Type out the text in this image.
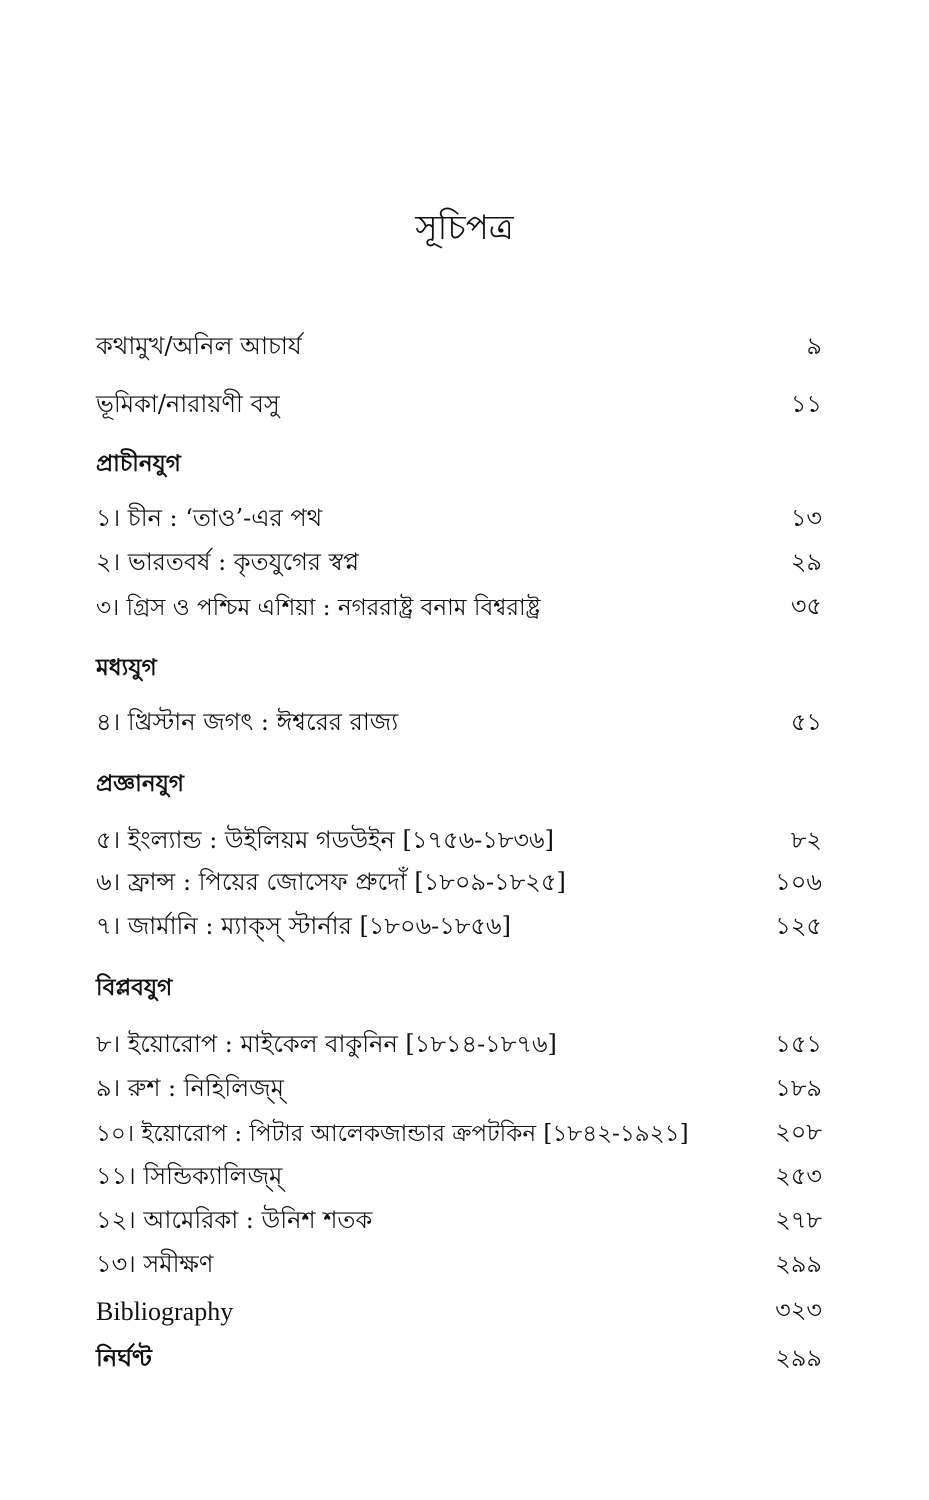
সূচিপত্র
কথামুখ/অনিল আচার্য	৯
ভূমিকা/নারায়ণী বসু	১১
প্রাচীনযুগ
১। চীন : ‘তাও’-এর পথ	১৩
২। ভারতবর্ষ : কৃতযুগের স্বপ্ন	২৯
৩। গ্রিস ও পশ্চিম এশিয়া : নগররাষ্ট্র বনাম বিশ্বরাষ্ট্র	৩৫
মধ্যযুগ
৪। খ্রিস্টান জগৎ : ঈশ্বরের রাজ্য	৫১
প্রজ্ঞানযুগ
৫। ইংল্যান্ড : উইলিয়ম গডউইন [১৭৫৬-১৮৩৬]	৮২
৬। ফ্রান্স : পিয়ের জোসেফ প্রুদোঁ [১৮০৯-১৮২৫]	১০৬
৭। জার্মানি : ম্যাক্স্ স্টার্নার [১৮০৬-১৮৫৬]	১২৫
বিপ্লবযুগ
৮। ইয়োরোপ : মাইকেল বাকুনিন [১৮১৪-১৮৭৬]	১৫১
৯। রুশ : নিহিলিজ্ম্	১৮৯
১০। ইয়োরোপ : পিটার আলেকজান্ডার ক্রপটকিন [১৮৪২-১৯২১]	২০৮
১১। সিন্ডিক্যালিজ্ম্	২৫৩
১২। আমেরিকা : উনিশ শতক	২৭৮
১৩। সমীক্ষণ	২৯৯
Bibliography	৩২৩
নির্ঘণ্ট	২৯৯
